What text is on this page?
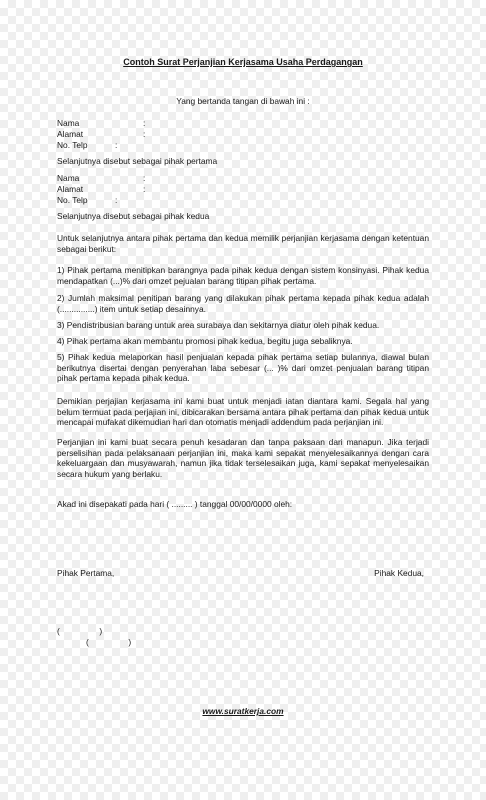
Contoh Surat Perjanjian Kerjasama Usaha Perdagangan
Yang bertanda tangan di bawah ini :
Nama	:
Alamat	:
No. Telp	:
Selanjutnya disebut sebagai pihak pertama
Nama	:
Alamat	:
No. Telp	:
Selanjutnya disebut sebagai pihak kedua

Untuk selanjutnya antara pihak pertama dan kedua memilik perjanjian kerjasama dengan ketentuan sebagai berikut:

1) Pihak pertama menitipkan barangnya pada pihak kedua dengan sistem konsinyasi. Pihak kedua mendapatkan (...)% dari omzet pejualan barang titipan pihak pertama.

2) Jumlah maksimal penitipan barang yang dilakukan pihak pertama kepada pihak kedua adalah (...............) item untuk setiap desainnya.

3) Pendistribusian barang untuk area surabaya dan sekitarnya diatur oleh pihak kedua.

4) Pihak pertama akan membantu promosi pihak kedua, begitu juga sebaliknya.

5) Pihak kedua melaporkan hasil penjualan kepada pihak pertama setiap bulannya, diawal bulan berikutnya disertai dengan penyerahan laba sebesar (... )% dari omzet penjualan barang titipan pihak pertama kepada pihak kedua.

Demikian perjajian kerjasama ini kami buat untuk menjadi iatan diantara kami. Segala hal yang belum termuat pada perjajian ini, dibicarakan bersama antara pihak pertama dan pihak kedua untuk mencapai mufakat dikemudian hari dan otomatis menjadi addendum pada perjanjian ini.

Perjanjian ini kami buat secara penuh kesadaran dan tanpa paksaan dari manapun. Jika terjadi perselisihan pada pelaksanaan perjanjian ini, maka kami sepakat menyelesaikannya dengan cara kekeluargaan dan musyawarah, namun jika tidak terselesaikan juga, kami sepakat menyelesaikan secara hukum yang berlaku.

Akad ini disepakati pada hari ( ......... ) tanggal 00/00/0000 oleh:
Pihak Pertama,	Pihak Kedua,
(                 )
(                 )
www.suratkerja.com
